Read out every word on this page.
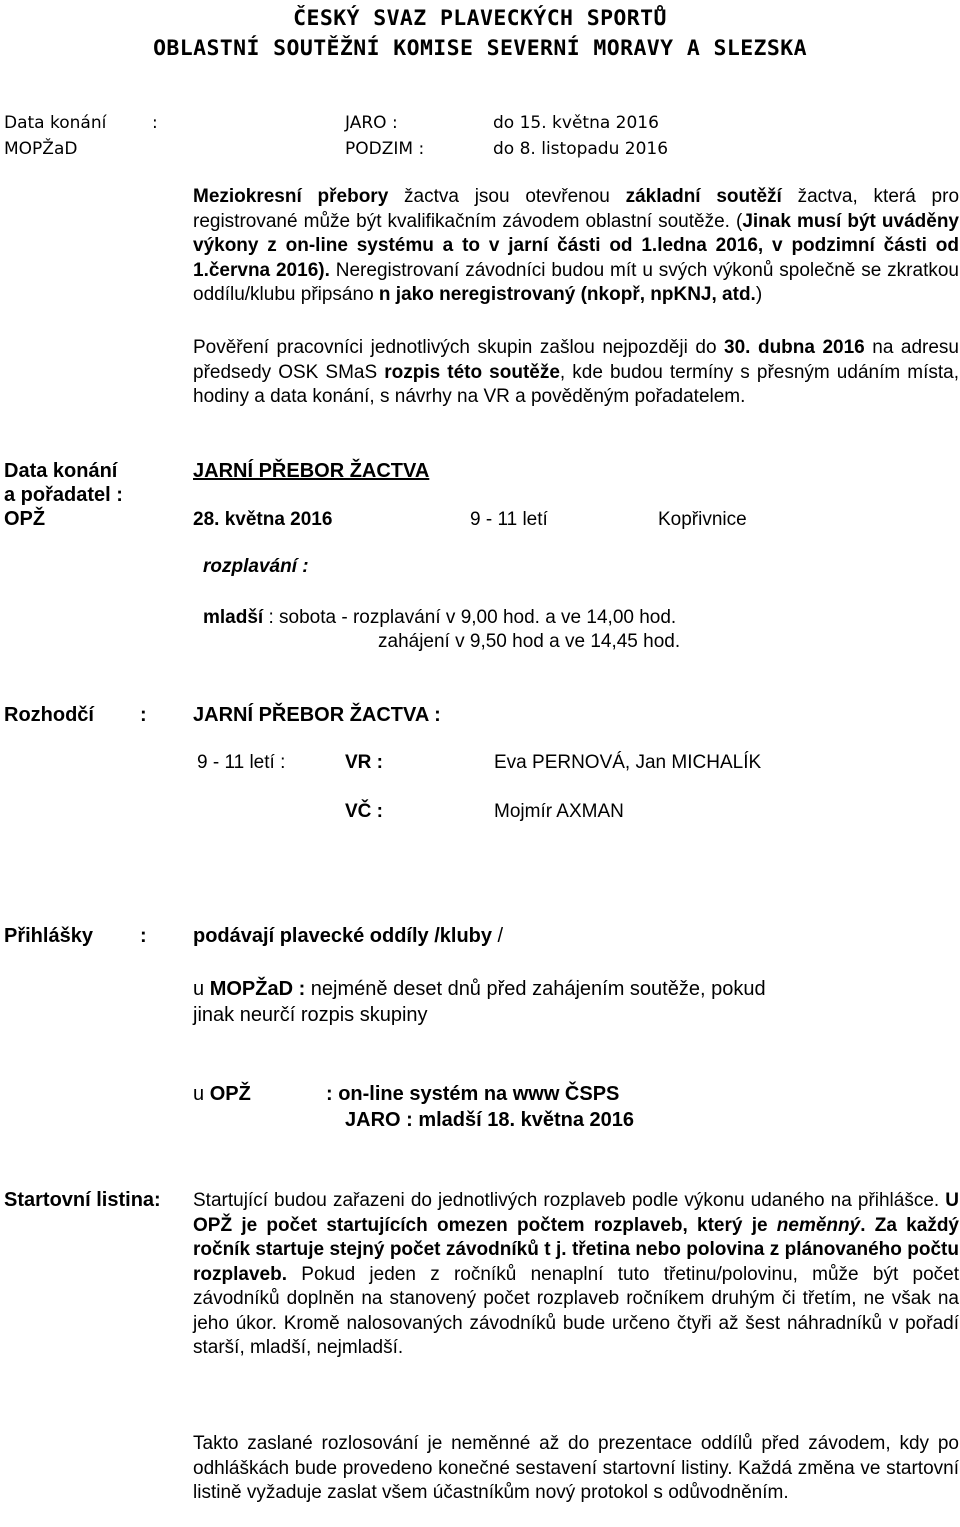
ČESKÝ SVAZ PLAVECKÝCH SPORTŮ
OBLASTNÍ SOUTĚŽNÍ KOMISE SEVERNÍ MORAVY A SLEZSKA
Data konání	:	JARO :	do 15. května 2016
MOPŽaD	PODZIM :	do 8. listopadu 2016
Meziokresní přebory žactva jsou otevřenou základní soutěží žactva, která pro registrované může být kvalifikačním závodem oblastní soutěže. (Jinak musí být uváděny výkony z on-line systému a to v jarní části od 1.ledna 2016, v podzimní části od 1.června 2016). Neregistrovaní závodníci budou mít u svých výkonů společně se zkratkou oddílu/klubu připsáno n jako neregistrovaný (nkopř, npKNJ, atd.)
Pověření pracovníci jednotlivých skupin zašlou nejpozději do 30. dubna 2016 na adresu předsedy OSK SMaS rozpis této soutěže, kde budou termíny s přesným udáním místa, hodiny a data konání, s návrhy na VR a pověděným pořadatelem.
Data konání
a pořadatel :
OPŽ
JARNÍ PŘEBOR ŽACTVA
28. května 2016	9 - 11 letí	Kopřivnice
rozplavání :
mladší : sobota - rozplavání v 9,00 hod. a ve 14,00 hod.
zahájení v 9,50 hod a ve 14,45 hod.
Rozhodčí : JARNÍ PŘEBOR ŽACTVA :
9 - 11 letí :	VR :	Eva PERNOVÁ, Jan MICHALÍK
VČ :	Mojmír AXMAN
Přihlášky : podávají plavecké oddíly /kluby /
u MOPŽaD : nejméně deset dnů před zahájením soutěže, pokud
jinak neurčí rozpis skupiny
u OPŽ	: on-line systém na www ČSPS
JARO : mladší 18. května 2016
Startovní listina: Startující budou zařazeni do jednotlivých rozplaveb podle výkonu udaného na přihlášce. U OPŽ je počet startujících omezen počtem rozplaveb, který je neměnný. Za každý ročník startuje stejný počet závodníků t j. třetina nebo polovina z plánovaného počtu rozplaveb. Pokud jeden z ročníků nenaplní tuto třetinu/polovinu, může být počet závodníků doplněn na stanovený počet rozplaveb ročníkem druhým či třetím, ne však na jeho úkor. Kromě nalosovaných závodníků bude určeno čtyři až šest náhradníků v pořadí starší, mladší, nejmladší.
Takto zaslané rozlosování je neměnné až do prezentace oddílů před závodem, kdy po odhláškách bude provedeno konečné sestavení startovní listiny. Každá změna ve startovní listině vyžaduje zaslat všem účastníkům nový protokol s odůvodněním.
